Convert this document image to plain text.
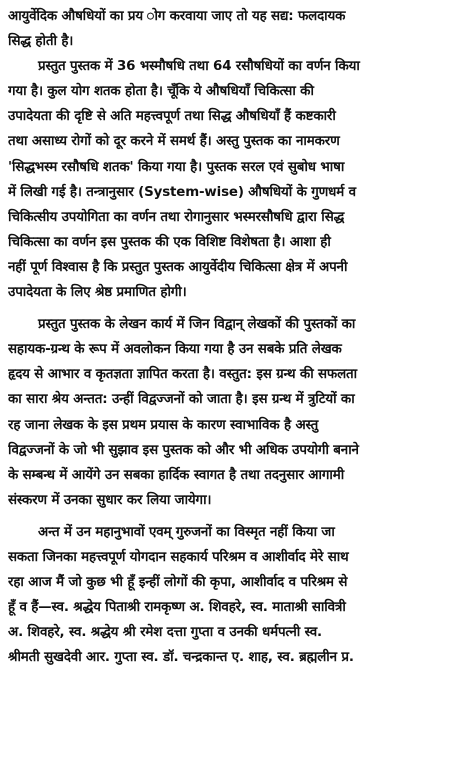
आयुर्वेदिक औषधियों का प्रय ोग करवाया जाए तो यह सद्य: फलदायक
सिद्ध होती है।
प्रस्तुत पुस्तक में 36 भस्मौषधि तथा 64 रसौषधियों का वर्णन किया
गया है। कुल योग शतक होता है। चूँकि ये औषधियाँ चिकित्सा की
उपादेयता की दृष्टि से अति महत्त्वपूर्ण तथा सिद्ध औषधियाँ हैं कष्टकारी
तथा असाध्य रोगों को दूर करने में समर्थ हैं। अस्तु पुस्तक का नामकरण
'सिद्धभस्म रसौषधि शतक' किया गया है। पुस्तक सरल एवं सुबोध भाषा
में लिखी गई है। तन्त्रानुसार (System-wise) औषधियों के गुणधर्म व
चिकित्सीय उपयोगिता का वर्णन तथा रोगानुसार भस्मरसौषधि द्वारा सिद्ध
चिकित्सा का वर्णन इस पुस्तक की एक विशिष्ट विशेषता है। आशा ही
नहीं पूर्ण विश्वास है कि प्रस्तुत पुस्तक आयुर्वेदीय चिकित्सा क्षेत्र में अपनी
उपादेयता के लिए श्रेष्ठ प्रमाणित होगी।
प्रस्तुत पुस्तक के लेखन कार्य में जिन विद्वान् लेखकों की पुस्तकों का
सहायक-ग्रन्थ के रूप में अवलोकन किया गया है उन सबके प्रति लेखक
हृदय से आभार व कृतज्ञता ज्ञापित करता है। वस्तुत: इस ग्रन्थ की सफलता
का सारा श्रेय अन्तत: उन्हीं विद्वज्जनों को जाता है। इस ग्रन्थ में त्रुटियों का
रह जाना लेखक के इस प्रथम प्रयास के कारण स्वाभाविक है अस्तु
विद्वज्जनों के जो भी सुझाव इस पुस्तक को और भी अधिक उपयोगी बनाने
के सम्बन्ध में आयेंगे उन सबका हार्दिक स्वागत है तथा तदनुसार आगामी
संस्करण में उनका सुधार कर लिया जायेगा।
अन्त में उन महानुभावों एवम् गुरुजनों का विस्मृत नहीं किया जा
सकता जिनका महत्त्वपूर्ण योगदान सहकार्य परिश्रम व आशीर्वाद मेरे साथ
रहा आज मैं जो कुछ भी हूँ इन्हीं लोगों की कृपा, आशीर्वाद व परिश्रम से
हूँ व हैं—स्व. श्रद्धेय पिताश्री रामकृष्ण अ. शिवहरे, स्व. माताश्री सावित्री
अ. शिवहरे, स्व. श्रद्धेय श्री रमेश दत्ता गुप्ता व उनकी धर्मपत्नी स्व.
श्रीमती सुखदेवी आर. गुप्ता स्व. डॉ. चन्द्रकान्त ए. शाह, स्व. ब्रह्मलीन प्र.
